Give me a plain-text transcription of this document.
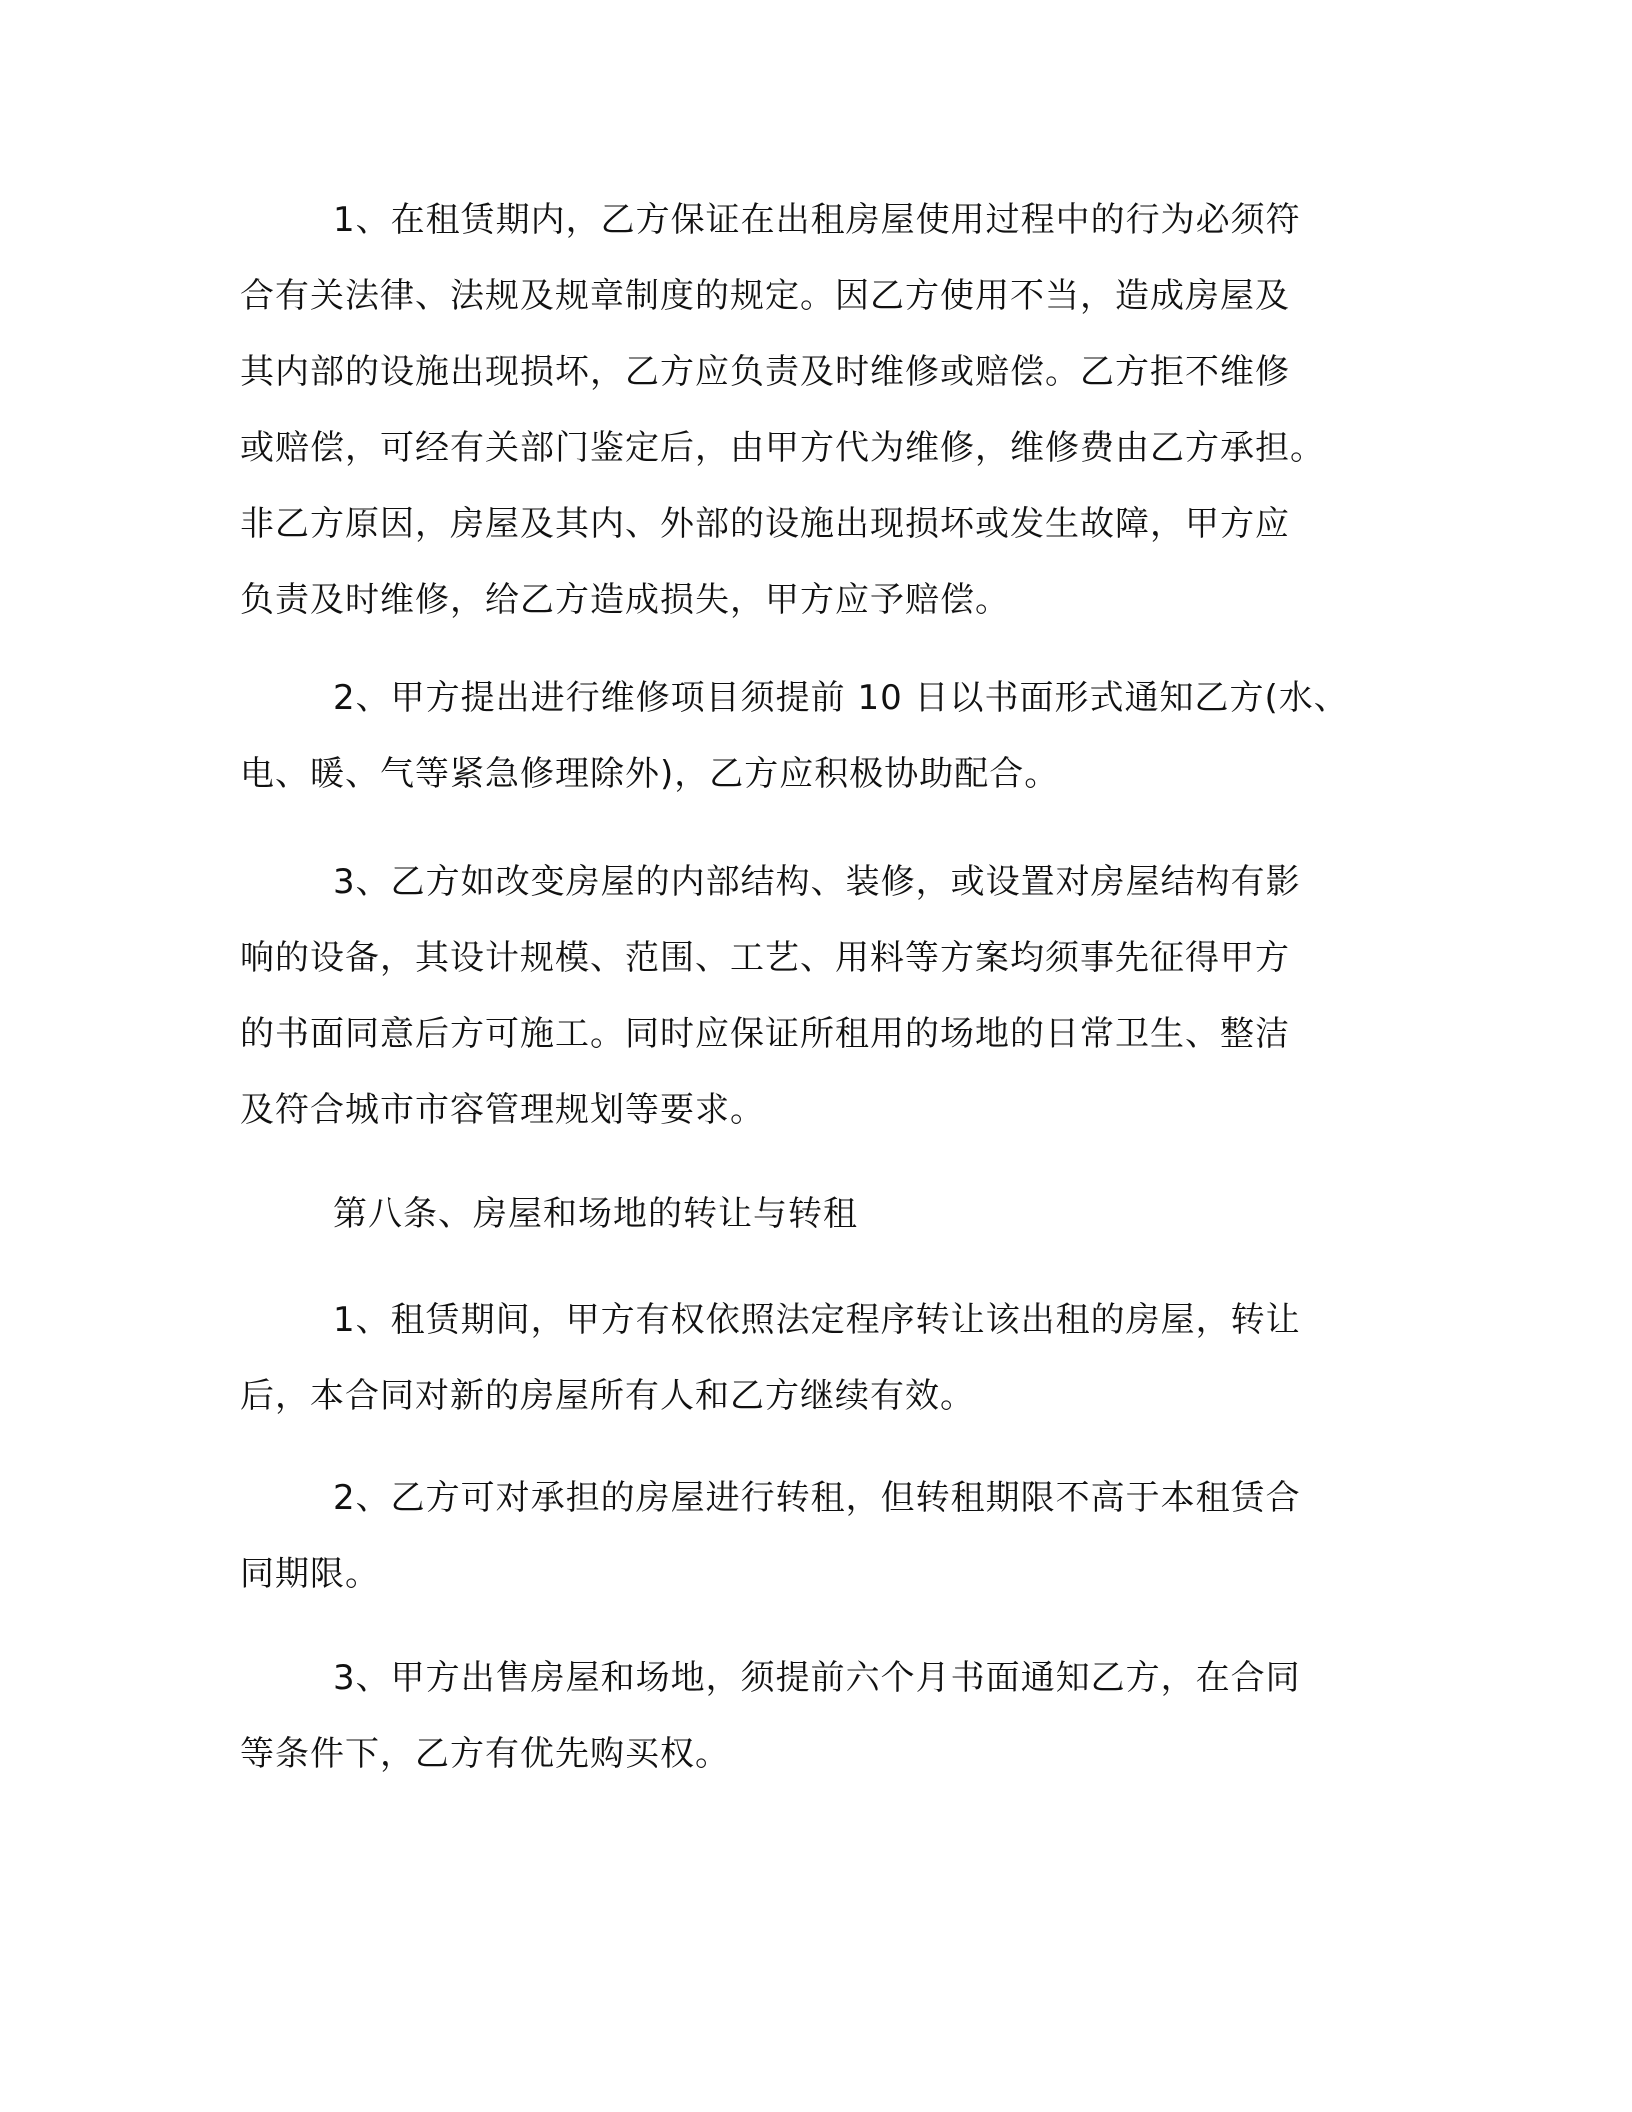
1、在租赁期内，乙方保证在出租房屋使用过程中的行为必须符

合有关法律、法规及规章制度的规定。因乙方使用不当，造成房屋及

其内部的设施出现损坏，乙方应负责及时维修或赔偿。乙方拒不维修

或赔偿，可经有关部门鉴定后，由甲方代为维修，维修费由乙方承担。

非乙方原因，房屋及其内、外部的设施出现损坏或发生故障，甲方应

负责及时维修，给乙方造成损失，甲方应予赔偿。

2、甲方提出进行维修项目须提前 10 日以书面形式通知乙方(水、

电、暖、气等紧急修理除外)，乙方应积极协助配合。

3、乙方如改变房屋的内部结构、装修，或设置对房屋结构有影

响的设备，其设计规模、范围、工艺、用料等方案均须事先征得甲方

的书面同意后方可施工。同时应保证所租用的场地的日常卫生、整洁

及符合城市市容管理规划等要求。

第八条、房屋和场地的转让与转租

1、租赁期间，甲方有权依照法定程序转让该出租的房屋，转让

后，本合同对新的房屋所有人和乙方继续有效。

2、乙方可对承担的房屋进行转租，但转租期限不高于本租赁合

同期限。

3、甲方出售房屋和场地，须提前六个月书面通知乙方，在合同

等条件下，乙方有优先购买权。
